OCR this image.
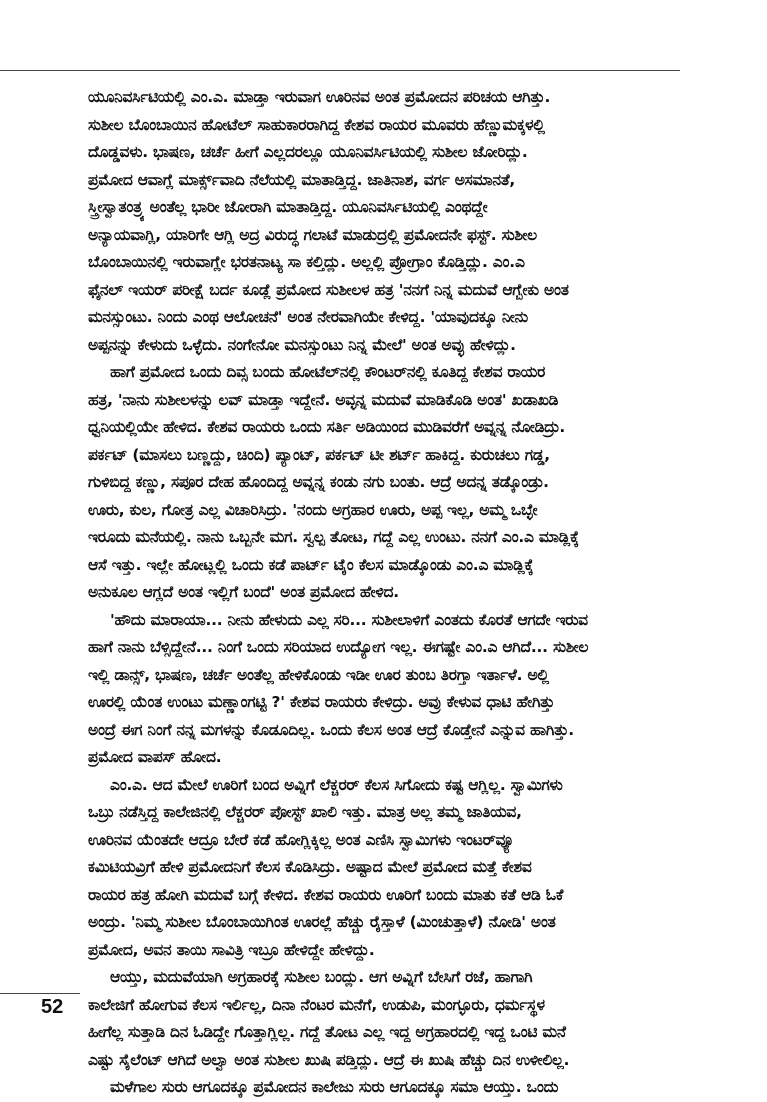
ಯೂನಿವರ್ಸಿಟಿಯಲ್ಲಿ ಎಂ.ಎ. ಮಾಡ್ತಾ ಇರುವಾಗ ಊರಿನವ ಅಂತ ಪ್ರಮೋದನ ಪರಿಚಯ ಆಗಿತ್ತು.
ಸುಶೀಲ ಬೊಂಬಾಯಿನ ಹೋಟೆಲ್ ಸಾಹುಕಾರರಾಗಿದ್ದ ಕೇಶವ ರಾಯರ ಮೂವರು ಹೆಣ್ಣುಮಕ್ಕಳಲ್ಲಿ
ದೊಡ್ಡವಳು. ಭಾಷಣ, ಚರ್ಚೆ ಹೀಗೆ ಎಲ್ಲದರಲ್ಲೂ ಯೂನಿವರ್ಸಿಟಿಯಲ್ಲಿ ಸುಶೀಲ ಜೋರಿದ್ಲು.
ಪ್ರಮೋದ ಆವಾಗ್ಲೆ ಮಾರ್ಕ್ಸ್‌ವಾದಿ ನೆಲೆಯಲ್ಲಿ ಮಾತಾಡ್ತಿದ್ದ. ಜಾತಿನಾಶ, ವರ್ಗ ಅಸಮಾನತೆ,
ಸ್ತ್ರೀಸ್ವಾತಂತ್ರ್ಯ ಅಂತೆಲ್ಲ ಭಾರೀ ಜೋರಾಗಿ ಮಾತಾಡ್ತಿದ್ದ. ಯೂನಿವರ್ಸಿಟಿಯಲ್ಲಿ ಎಂಥದ್ದೇ
ಅನ್ಯಾಯವಾಗ್ಲಿ, ಯಾರಿಗೇ ಆಗ್ಲಿ ಅದ್ರ ವಿರುದ್ಧ ಗಲಾಟೆ ಮಾಡುದ್ರಲ್ಲಿ ಪ್ರಮೋದನೇ ಫಸ್ಟ್. ಸುಶೀಲ
ಬೊಂಬಾಯಿನಲ್ಲಿ ಇರುವಾಗ್ಲೇ ಭರತನಾಟ್ಯ ಸಾ ಕಲ್ತಿದ್ಲು. ಅಲ್ಲಲ್ಲಿ ಪ್ರೋಗ್ರಾಂ ಕೊಡ್ತಿದ್ಲು. ಎಂ.ಎ
ಫೈನಲ್ ಇಯರ್ ಪರೀಕ್ಷೆ ಬರ್ದ ಕೂಡ್ಲೆ ಪ್ರಮೋದ ಸುಶೀಲಳ ಹತ್ರ 'ನನಗೆ ನಿನ್ನ ಮದುವೆ ಆಗ್ಬೇಕು ಅಂತ
ಮನಸ್ಸುಂಟು. ನಿಂದು ಎಂಥ ಆಲೋಚನೆ' ಅಂತ ನೇರವಾಗಿಯೇ ಕೇಳಿದ್ದ. 'ಯಾವುದಕ್ಕೂ ನೀನು
ಅಪ್ಪನನ್ನು ಕೇಳುದು ಒಳ್ಳೆದು. ನಂಗೇನೋ ಮನಸ್ಸುಂಟು ನಿನ್ನ ಮೇಲೆ' ಅಂತ ಅವ್ಳು ಹೇಳಿದ್ಲು.
ಹಾಗೆ ಪ್ರಮೋದ ಒಂದು ದಿವ್ಸ ಬಂದು ಹೋಟೆಲ್‌ನಲ್ಲಿ ಕೌಂಟರ್‌ನಲ್ಲಿ ಕೂತಿದ್ದ ಕೇಶವ ರಾಯರ
ಹತ್ರ, 'ನಾನು ಸುಶೀಲಳನ್ನು ಲವ್ ಮಾಡ್ತಾ ಇದ್ದೇನೆ. ಅವ್ಳನ್ನ ಮದುವೆ ಮಾಡಿಕೊಡಿ ಅಂತ' ಖಡಾಖಡಿ
ಧ್ವನಿಯಲ್ಲಿಯೇ ಹೇಳಿದ. ಕೇಶವ ರಾಯರು ಒಂದು ಸರ್ತಿ ಅಡಿಯಿಂದ ಮುಡಿವರೆಗೆ ಅವ್ನನ್ನ ನೋಡಿದ್ರು.
ಪರ್ಕಟ್ (ಮಾಸಲು ಬಣ್ಣದ್ದು, ಚಿಂದಿ) ಪ್ಯಾಂಟ್, ಪರ್ಕಟ್ ಟೀ ಶರ್ಟ್ ಹಾಕಿದ್ದ. ಕುರುಚಲು ಗಡ್ಡ,
ಗುಳಿಬಿದ್ದ ಕಣ್ಣು, ಸಪೂರ ದೇಹ ಹೊಂದಿದ್ದ ಅವ್ನನ್ನ ಕಂಡು ನಗು ಬಂತು. ಆದ್ರೆ ಅದನ್ನ ತಡ್ಕೊಂಡ್ರು.
ಊರು, ಕುಲ, ಗೋತ್ರ ಎಲ್ಲ ವಿಚಾರಿಸಿದ್ರು. 'ನಂದು ಅಗ್ರಹಾರ ಊರು, ಅಪ್ಪ ಇಲ್ಲ, ಅಮ್ಮ ಒಬ್ಳೇ
ಇರೂದು ಮನೆಯಲ್ಲಿ. ನಾನು ಒಬ್ಬನೇ ಮಗ. ಸ್ವಲ್ಪ ತೋಟ, ಗದ್ದೆ ಎಲ್ಲ ಉಂಟು. ನನಗೆ ಎಂ.ಎ ಮಾಡ್ಲಿಕ್ಕೆ
ಆಸೆ ಇತ್ತು. ಇಲ್ಲೇ ಹೋಟ್ಲಲ್ಲಿ ಒಂದು ಕಡೆ ಪಾರ್ಟ್ ಟೈಂ ಕೆಲಸ ಮಾಡ್ಕೊಂಡು ಎಂ.ಎ ಮಾಡ್ಲಿಕ್ಕೆ
ಅನುಕೂಲ ಆಗ್ಲದೆ ಅಂತ ಇಲ್ಲಿಗೆ ಬಂದೆ' ಅಂತ ಪ್ರಮೋದ ಹೇಳಿದ.
'ಹೌದು ಮಾರಾಯಾ... ನೀನು ಹೇಳುದು ಎಲ್ಲ ಸರಿ... ಸುಶೀಲಾಳಿಗೆ ಎಂತದು ಕೊರತೆ ಆಗದೇ ಇರುವ
ಹಾಗೆ ನಾನು ಬೆಳ್ಸಿದ್ದೇನೆ... ನಿಂಗೆ ಒಂದು ಸರಿಯಾದ ಉದ್ಯೋಗ ಇಲ್ಲ. ಈಗಷ್ಟೇ ಎಂ.ಎ ಆಗಿದೆ... ಸುಶೀಲ
ಇಲ್ಲಿ ಡಾನ್ಸ್, ಭಾಷಣ, ಚರ್ಚೆ ಅಂತೆಲ್ಲ ಹೇಳಿಕೊಂಡು ಇಡೀ ಊರ ತುಂಬ ತಿರಗ್ತಾ ಇರ್ತಾಳೆ. ಅಲ್ಲಿ
ಊರಲ್ಲಿ ಯೆಂತ ಉಂಟು ಮಣ್ಣಾಂಗಟ್ಟಿ ?' ಕೇಶವ ರಾಯರು ಕೇಳಿದ್ರು. ಅವ್ರು ಕೇಳುವ ಧಾಟಿ ಹೇಗಿತ್ತು
ಅಂದ್ರೆ ಈಗ ನಿಂಗೆ ನನ್ನ ಮಗಳನ್ನು ಕೊಡೂದಿಲ್ಲ. ಒಂದು ಕೆಲಸ ಅಂತ ಆದ್ರೆ ಕೊಡ್ತೇನೆ ಎನ್ನುವ ಹಾಗಿತ್ತು.
ಪ್ರಮೋದ ವಾಪಸ್ ಹೋದ.
ಎಂ.ಎ. ಆದ ಮೇಲೆ ಊರಿಗೆ ಬಂದ ಅವ್ನಿಗೆ ಲೆಕ್ಚರರ್ ಕೆಲಸ ಸಿಗೋದು ಕಷ್ಟ ಆಗ್ಲಿಲ್ಲ. ಸ್ವಾಮಿಗಳು
ಒಬ್ರು ನಡೆಸ್ತಿದ್ದ ಕಾಲೇಜಿನಲ್ಲಿ ಲೆಕ್ಚರರ್ ಪೋಸ್ಟ್ ಖಾಲಿ ಇತ್ತು. ಮಾತ್ರ ಅಲ್ಲ ತಮ್ಮ ಜಾತಿಯವ,
ಊರಿನವ ಯೆಂತದೇ ಆದ್ರೂ ಬೇರೆ ಕಡೆ ಹೋಗ್ಲಿಕ್ಕಿಲ್ಲ ಅಂತ ಎಣಿಸಿ ಸ್ವಾಮಿಗಳು ಇಂಟರ್‌ವ್ಯೂ
ಕಮಿಟಿಯವ್ರಿಗೆ ಹೇಳಿ ಪ್ರಮೋದನಿಗೆ ಕೆಲಸ ಕೊಡಿಸಿದ್ರು. ಅಷ್ಟಾದ ಮೇಲೆ ಪ್ರಮೋದ ಮತ್ತೆ ಕೇಶವ
ರಾಯರ ಹತ್ರ ಹೋಗಿ ಮದುವೆ ಬಗ್ಗೆ ಕೇಳಿದ. ಕೇಶವ ರಾಯರು ಊರಿಗೆ ಬಂದು ಮಾತು ಕತೆ ಆಡಿ ಓಕೆ
ಅಂದ್ರು. 'ನಿಮ್ಮ ಸುಶೀಲ ಬೊಂಬಾಯಿಗಿಂತ ಊರಲ್ಲೆ ಹೆಚ್ಚು ರೈಸ್ತಾಳೆ (ಮಿಂಚುತ್ತಾಳೆ) ನೋಡಿ' ಅಂತ
ಪ್ರಮೋದ, ಅವನ ತಾಯಿ ಸಾವಿತ್ರಿ ಇಬ್ರೂ ಹೇಳಿದ್ದೇ ಹೇಳಿದ್ದು.
ಆಯ್ತು, ಮದುವೆಯಾಗಿ ಅಗ್ರಹಾರಕ್ಕೆ ಸುಶೀಲ ಬಂದ್ಲು. ಆಗ ಅವ್ನಿಗೆ ಬೇಸಿಗೆ ರಜೆ, ಹಾಗಾಗಿ
ಕಾಲೇಜಿಗೆ ಹೋಗುವ ಕೆಲಸ ಇರ್ಲಿಲ್ಲ, ದಿನಾ ನೆಂಟರ ಮನೆಗೆ, ಉಡುಪಿ, ಮಂಗ್ಳೂರು, ಧರ್ಮಸ್ಥಳ
ಹೀಗೆಲ್ಲ ಸುತ್ತಾಡಿ ದಿನ ಓಡಿದ್ದೇ ಗೊತ್ತಾಗ್ಲಿಲ್ಲ. ಗದ್ದೆ ತೋಟ ಎಲ್ಲ ಇದ್ದ ಅಗ್ರಹಾರದಲ್ಲಿ ಇದ್ದ ಒಂಟಿ ಮನೆ
ಎಷ್ಟು ಸೈಲೆಂಟ್ ಆಗಿದೆ ಅಲ್ವಾ ಅಂತ ಸುಶೀಲ ಖುಷಿ ಪಡ್ತಿದ್ಲು. ಆದ್ರೆ ಈ ಖುಷಿ ಹೆಚ್ಚು ದಿನ ಉಳೀಲಿಲ್ಲ.
ಮಳೆಗಾಲ ಸುರು ಆಗೂದಕ್ಕೂ ಪ್ರಮೋದನ ಕಾಲೇಜು ಸುರು ಆಗೂದಕ್ಕೂ ಸಮಾ ಆಯ್ತು. ಒಂದು
52
